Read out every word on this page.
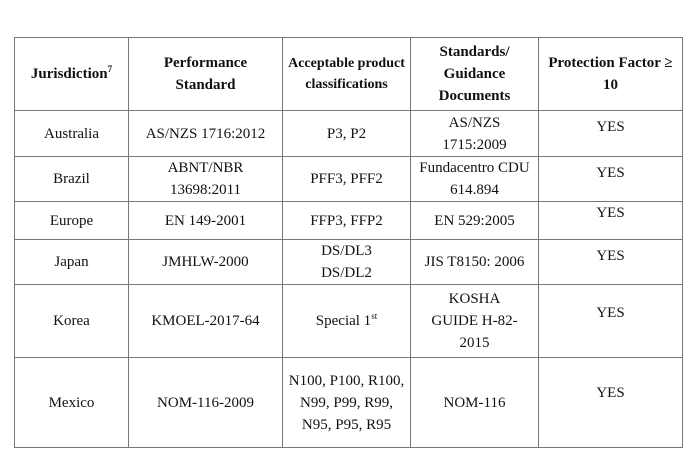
Jurisdiction$^7$	Performance Standard	Acceptable product classifications	Standards/ Guidance Documents	Protection Factor ≥ 10
Australia	AS/NZS 1716:2012	P3, P2	AS/NZS 1715:2009	YES
Brazil	ABNT/NBR 13698:2011	PFF3, PFF2	Fundacentro CDU 614.894	YES
Europe	EN 149-2001	FFP3, FFP2	EN 529:2005	YES
Japan	JMHLW-2000	DS/DL3 DS/DL2	JIS T8150: 2006	YES
Korea	KMOEL-2017-64	Special 1st	KOSHA GUIDE H-82- 2015	YES
Mexico	NOM-116-2009	N100, P100, R100, N99, P99, R99, N95, P95, R95	NOM-116	YES
